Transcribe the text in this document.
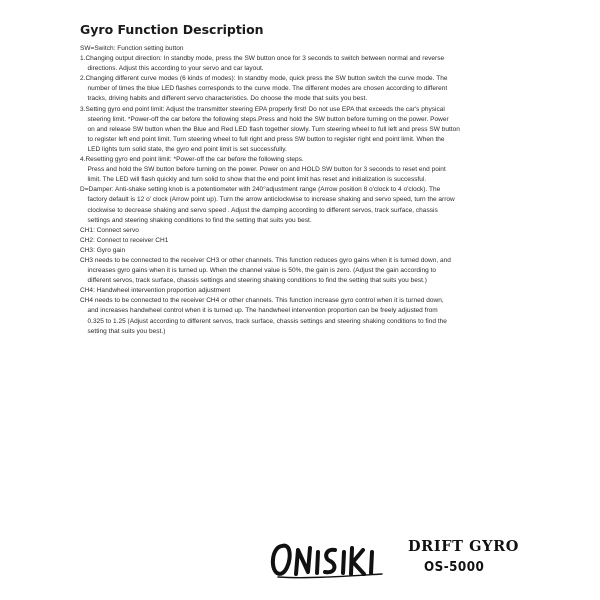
Gyro Function Description
SW=Switch: Function setting button
1.Changing output direction: In standby mode, press the SW button once for 3 seconds to switch between normal and reverse
directions. Adjust this according to your servo and car layout.
2.Changing different curve modes (6 kinds of modes): In standby mode, quick press the SW button switch the curve mode. The
number of times the blue LED flashes corresponds to the curve mode. The different modes are chosen according to different
tracks, driving habits and different servo characteristics. Do choose the mode that suits you best.
3.Setting gyro end point limit: Adjust the transmitter steering EPA properly first! Do not use EPA that exceeds the car's physical
steering limit. *Power-off the car before the following steps.Press and hold the SW button before turning on the power. Power
on and release SW button when the Blue and Red LED flash together slowly. Turn steering wheel to full left and press SW button
to register left end point limit. Turn steering wheel to full right and press SW button to register right end point limit. When the
LED lights turn solid state, the gyro end point limit is set successfully.
4.Resetting gyro end point limit: *Power-off the car before the following steps.
Press and hold the SW button before turning on the power. Power on and HOLD SW button for 3 seconds to reset end point
limit. The LED will flash quickly and turn solid to show that the end point limit has reset and initialization is successful.
D=Damper: Anti-shake setting knob is a potentiometer with 240°adjustment range (Arrow position 8 o'clock to 4 o'clock). The
factory default is 12 o' clock (Arrow point up). Turn the arrow anticlockwise to increase shaking and servo speed, turn the arrow
clockwise to decrease shaking and servo speed . Adjust the damping according to different servos, track surface, chassis
settings and steering shaking conditions to find the setting that suits you best.
CH1: Connect servo
CH2: Connect to receiver CH1
CH3: Gyro gain
CH3 needs to be connected to the receiver CH3 or other channels. This function reduces gyro gains when it is turned down, and
increases gyro gains when it is turned up. When the channel value is 50%, the gain is zero. (Adjust the gain according to
different servos, track surface, chassis settings and steering shaking conditions to find the setting that suits you best.)
CH4: Handwheel intervention proportion adjustment
CH4 needs to be connected to the receiver CH4 or other channels. This function increase gyro control when it is turned down,
and increases handwheel control when it is turned up. The handwheel intervention proportion can be freely adjusted from
0.325 to 1.25 (Adjust according to different servos, track surface, chassis settings and steering shaking conditions to find the
setting that suits you best.)
DRIFT GYRO
OS-5000
